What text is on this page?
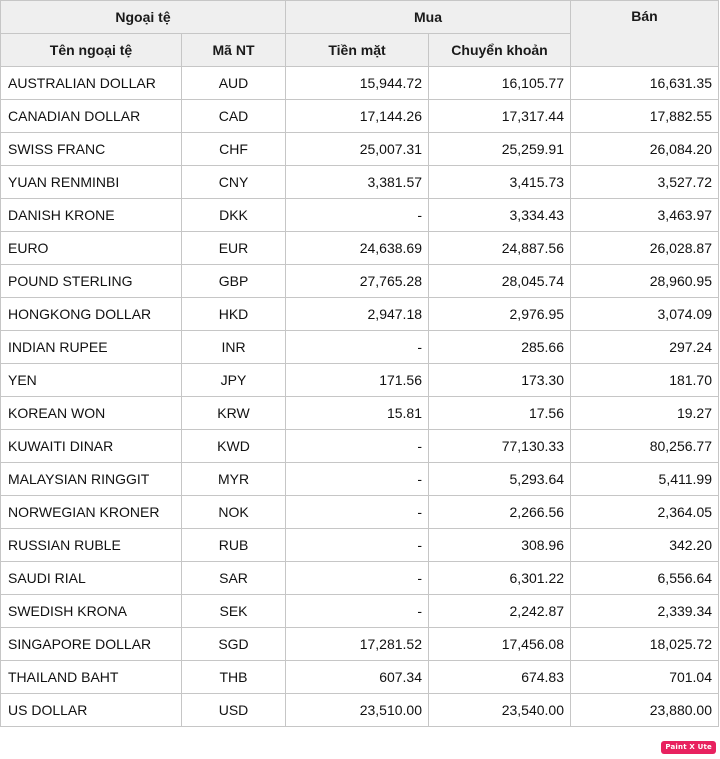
Ngoại tệ		Mua		Bán
Tên ngoại tệ	Mã NT	Tiền mặt	Chuyển khoản	
AUSTRALIAN DOLLAR	AUD	15,944.72	16,105.77	16,631.35
CANADIAN DOLLAR	CAD	17,144.26	17,317.44	17,882.55
SWISS FRANC	CHF	25,007.31	25,259.91	26,084.20
YUAN RENMINBI	CNY	3,381.57	3,415.73	3,527.72
DANISH KRONE	DKK	-	3,334.43	3,463.97
EURO	EUR	24,638.69	24,887.56	26,028.87
POUND STERLING	GBP	27,765.28	28,045.74	28,960.95
HONGKONG DOLLAR	HKD	2,947.18	2,976.95	3,074.09
INDIAN RUPEE	INR	-	285.66	297.24
YEN	JPY	171.56	173.30	181.70
KOREAN WON	KRW	15.81	17.56	19.27
KUWAITI DINAR	KWD	-	77,130.33	80,256.77
MALAYSIAN RINGGIT	MYR	-	5,293.64	5,411.99
NORWEGIAN KRONER	NOK	-	2,266.56	2,364.05
RUSSIAN RUBLE	RUB	-	308.96	342.20
SAUDI RIAL	SAR	-	6,301.22	6,556.64
SWEDISH KRONA	SEK	-	2,242.87	2,339.34
SINGAPORE DOLLAR	SGD	17,281.52	17,456.08	18,025.72
THAILAND BAHT	THB	607.34	674.83	701.04
US DOLLAR	USD	23,510.00	23,540.00	23,880.00
Paint X Ute
